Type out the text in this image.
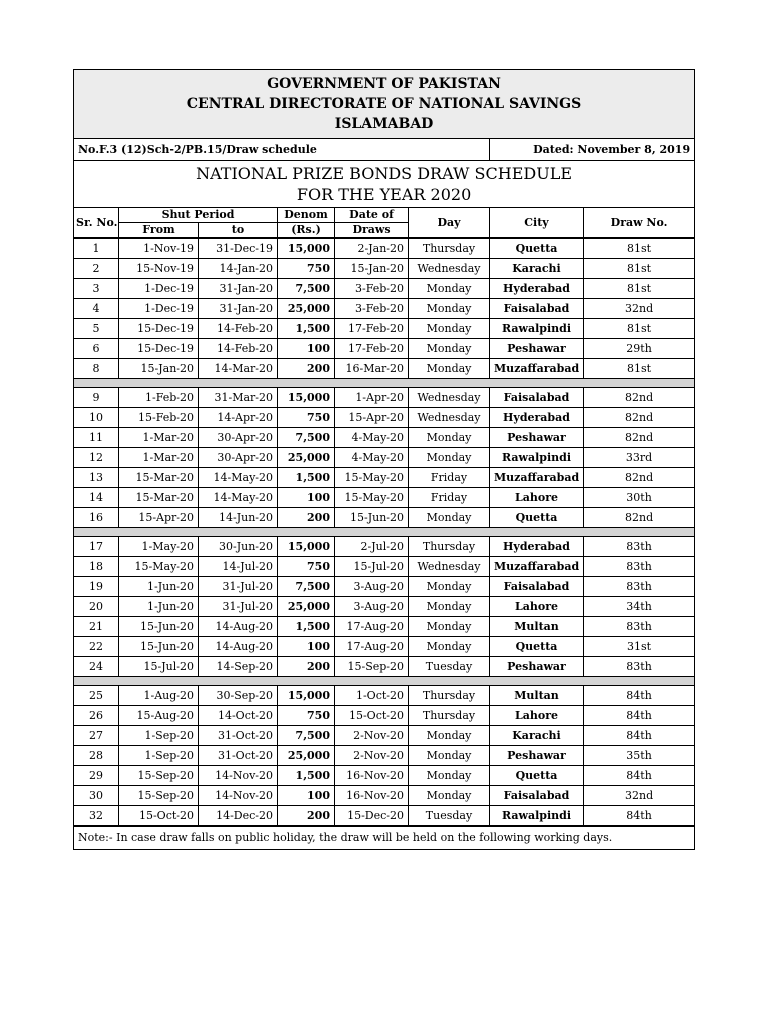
GOVERNMENT OF PAKISTAN
CENTRAL DIRECTORATE OF NATIONAL SAVINGS
ISLAMABAD							

No.F.3 (12)Sch-2/PB.15/Draw schedule						Dated: November 8, 2019	

NATIONAL PRIZE BONDS DRAW SCHEDULE
FOR THE YEAR 2020							

Sr. No.	Shut Period		Denom	Date of	Day	City	Draw No.
	From	to	(Rs.)	Draws			
1	1-Nov-19	31-Dec-19	15,000	2-Jan-20	Thursday	Quetta	81st
2	15-Nov-19	14-Jan-20	750	15-Jan-20	Wednesday	Karachi	81st
3	1-Dec-19	31-Jan-20	7,500	3-Feb-20	Monday	Hyderabad	81st
4	1-Dec-19	31-Jan-20	25,000	3-Feb-20	Monday	Faisalabad	32nd
5	15-Dec-19	14-Feb-20	1,500	17-Feb-20	Monday	Rawalpindi	81st
6	15-Dec-19	14-Feb-20	100	17-Feb-20	Monday	Peshawar	29th
8	15-Jan-20	14-Mar-20	200	16-Mar-20	Monday	Muzaffarabad	81st

9	1-Feb-20	31-Mar-20	15,000	1-Apr-20	Wednesday	Faisalabad	82nd
10	15-Feb-20	14-Apr-20	750	15-Apr-20	Wednesday	Hyderabad	82nd
11	1-Mar-20	30-Apr-20	7,500	4-May-20	Monday	Peshawar	82nd
12	1-Mar-20	30-Apr-20	25,000	4-May-20	Monday	Rawalpindi	33rd
13	15-Mar-20	14-May-20	1,500	15-May-20	Friday	Muzaffarabad	82nd
14	15-Mar-20	14-May-20	100	15-May-20	Friday	Lahore	30th
16	15-Apr-20	14-Jun-20	200	15-Jun-20	Monday	Quetta	82nd

17	1-May-20	30-Jun-20	15,000	2-Jul-20	Thursday	Hyderabad	83th
18	15-May-20	14-Jul-20	750	15-Jul-20	Wednesday	Muzaffarabad	83th
19	1-Jun-20	31-Jul-20	7,500	3-Aug-20	Monday	Faisalabad	83th
20	1-Jun-20	31-Jul-20	25,000	3-Aug-20	Monday	Lahore	34th
21	15-Jun-20	14-Aug-20	1,500	17-Aug-20	Monday	Multan	83th
22	15-Jun-20	14-Aug-20	100	17-Aug-20	Monday	Quetta	31st
24	15-Jul-20	14-Sep-20	200	15-Sep-20	Tuesday	Peshawar	83th

25	1-Aug-20	30-Sep-20	15,000	1-Oct-20	Thursday	Multan	84th
26	15-Aug-20	14-Oct-20	750	15-Oct-20	Thursday	Lahore	84th
27	1-Sep-20	31-Oct-20	7,500	2-Nov-20	Monday	Karachi	84th
28	1-Sep-20	31-Oct-20	25,000	2-Nov-20	Monday	Peshawar	35th
29	15-Sep-20	14-Nov-20	1,500	16-Nov-20	Monday	Quetta	84th
30	15-Sep-20	14-Nov-20	100	16-Nov-20	Monday	Faisalabad	32nd
32	15-Oct-20	14-Dec-20	200	15-Dec-20	Tuesday	Rawalpindi	84th
Note:- In case draw falls on public holiday, the draw will be held on the following working days.							
